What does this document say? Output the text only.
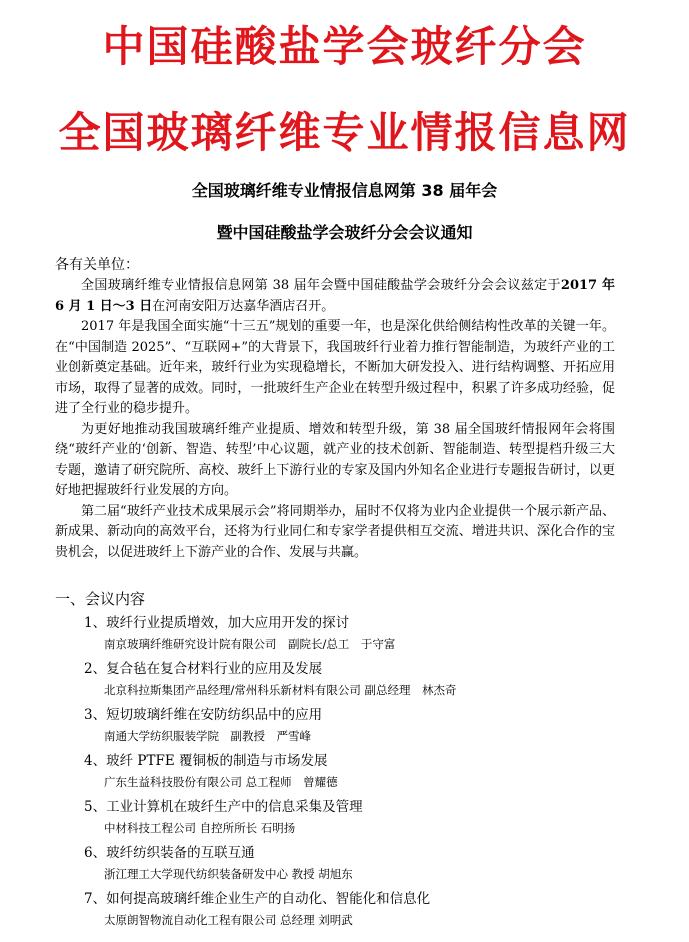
中国硅酸盐学会玻纤分会
全国玻璃纤维专业情报信息网
全国玻璃纤维专业情报信息网第 38 届年会
暨中国硅酸盐学会玻纤分会会议通知

各有关单位：

全国玻璃纤维专业情报信息网第 38 届年会暨中国硅酸盐学会玻纤分会会议兹定于2017 年 6 月 1 日～3 日在河南安阳万达嘉华酒店召开。

2017 年是我国全面实施“十三五”规划的重要一年，也是深化供给侧结构性改革的关键一年。在“中国制造 2025”、“互联网+”的大背景下，我国玻纤行业着力推行智能制造，为玻纤产业的工业创新奠定基础。近年来，玻纤行业为实现稳增长，不断加大研发投入、进行结构调整、开拓应用市场，取得了显著的成效。同时，一批玻纤生产企业在转型升级过程中，积累了许多成功经验，促进了全行业的稳步提升。

为更好地推动我国玻璃纤维产业提质、增效和转型升级，第 38 届全国玻纤情报网年会将围绕“玻纤产业的‘创新、智造、转型’中心议题，就产业的技术创新、智能制造、转型提档升级三大专题，邀请了研究院所、高校、玻纤上下游行业的专家及国内外知名企业进行专题报告研讨，以更好地把握玻纤行业发展的方向。

第二届“玻纤产业技术成果展示会”将同期举办，届时不仅将为业内企业提供一个展示新产品、新成果、新动向的高效平台，还将为行业同仁和专家学者提供相互交流、增进共识、深化合作的宝贵机会，以促进玻纤上下游产业的合作、发展与共赢。

一、会议内容
1、玻纤行业提质增效，加大应用开发的探讨
南京玻璃纤维研究设计院有限公司　副院长/总工　于守富
2、复合毡在复合材料行业的应用及发展
北京科拉斯集团产品经理/常州科乐新材料有限公司 副总经理　林杰奇
3、短切玻璃纤维在安防纺织品中的应用
南通大学纺织服装学院　副教授　严雪峰
4、玻纤 PTFE 覆铜板的制造与市场发展
广东生益科技股份有限公司 总工程师　曾耀德
5、工业计算机在玻纤生产中的信息采集及管理
中材科技工程公司 自控所所长 石明扬
6、玻纤纺织装备的互联互通
浙江理工大学现代纺织装备研发中心 教授 胡旭东
7、如何提高玻璃纤维企业生产的自动化、智能化和信息化
太原朗智物流自动化工程有限公司 总经理 刘明武
